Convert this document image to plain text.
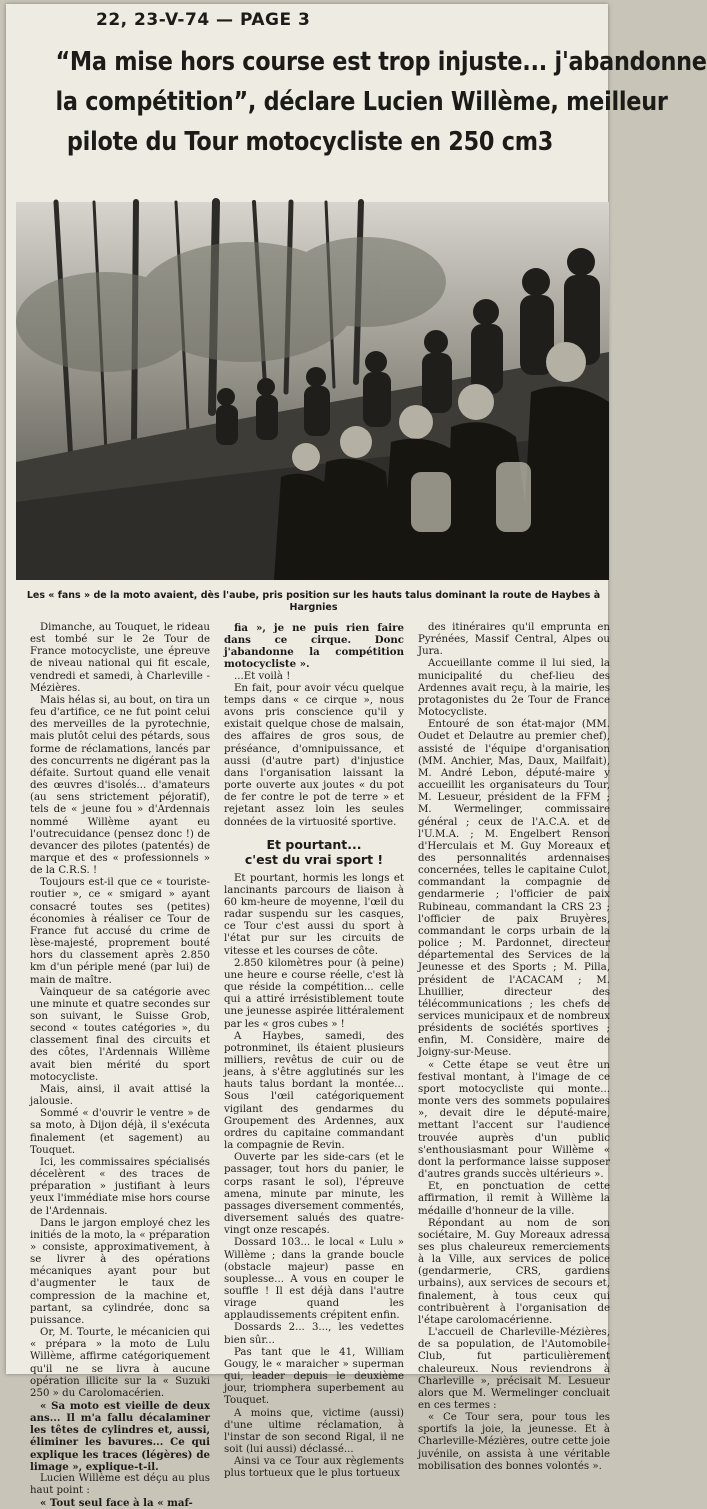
22, 23-V-74 — PAGE 3
“Ma mise hors course est trop injuste... j'abandonne
la compétition”, déclare Lucien Willème, meilleur
pilote du Tour motocycliste en 250 cm3
Les « fans » de la moto avaient, dès l'aube, pris position sur les hauts talus dominant la route de Haybes à Hargnies

Dimanche, au Touquet, le rideau est tombé sur le 2e Tour de France motocycliste, une épreuve de niveau national qui fit escale, vendredi et samedi, à Charleville - Mézières.

Mais hélas si, au bout, on tira un feu d'artifice, ce ne fut point celui des merveilles de la pyrotechnie, mais plutôt celui des pétards, sous forme de réclamations, lancés par des concurrents ne digérant pas la défaite. Surtout quand elle venait des œuvres d'isolés... d'amateurs (au sens strictement péjoratif), tels de « jeune fou » d'Ardennais nommé Willème ayant eu l'outrecuidance (pensez donc !) de devancer des pilotes (patentés) de marque et des « professionnels » de la C.R.S. !

Toujours est-il que ce « touriste-routier », ce « smigard » ayant consacré toutes ses (petites) économies à réaliser ce Tour de France fut accusé du crime de lèse-majesté, proprement bouté hors du classement après 2.850 km d'un périple mené (par lui) de main de maître.

Vainqueur de sa catégorie avec une minute et quatre secondes sur son suivant, le Suisse Grob, second « toutes catégories », du classement final des circuits et des côtes, l'Ardennais Willème avait bien mérité du sport motocycliste.

Mais, ainsi, il avait attisé la jalousie.

Sommé « d'ouvrir le ventre » de sa moto, à Dijon déjà, il s'exécuta finalement (et sagement) au Touquet.

Ici, les commissaires spécialisés décelèrent « des traces de préparation » justifiant à leurs yeux l'immédiate mise hors course de l'Ardennais.

Dans le jargon employé chez les initiés de la moto, la « préparation » consiste, approximativement, à se livrer à des opérations mécaniques ayant pour but d'augmenter le taux de compression de la machine et, partant, sa cylindrée, donc sa puissance.

Or, M. Tourte, le mécanicien qui « prépara » la moto de Lulu Willème, affirme catégoriquement qu'il ne se livra à aucune opération illicite sur la « Suzuki 250 » du Carolomacérien.

« Sa moto est vieille de deux ans... Il m'a fallu décalaminer les têtes de cylindres et, aussi, éliminer les bavures... Ce qui explique les traces (légères) de limage », explique-t-il.

Lucien Willème est déçu au plus haut point :

« Tout seul face à la « maf-

fia », je ne puis rien faire dans ce cirque. Donc j'abandonne la compétition motocycliste ».

...Et voilà !

En fait, pour avoir vécu quelque temps dans « ce cirque », nous avons pris conscience qu'il y existait quelque chose de malsain, des affaires de gros sous, de préséance, d'omnipuissance, et aussi (d'autre part) d'injustice dans l'organisation laissant la porte ouverte aux joutes « du pot de fer contre le pot de terre » et rejetant assez loin les seules données de la virtuosité sportive.

Et pourtant...
c'est du vrai sport !

Et pourtant, hormis les longs et lancinants parcours de liaison à 60 km-heure de moyenne, l'œil du radar suspendu sur les casques, ce Tour c'est aussi du sport à l'état pur sur les circuits de vitesse et les courses de côte.

2.850 kilomètres pour (à peine) une heure e course réelle, c'est là que réside la compétition... celle qui a attiré irrésistiblement toute une jeunesse aspirée littéralement par les « gros cubes » !

A Haybes, samedi, des potronminet, ils étaient plusieurs milliers, revêtus de cuir ou de jeans, à s'être agglutinés sur les hauts talus bordant la montée... Sous l'œil catégoriquement vigilant des gendarmes du Groupement des Ardennes, aux ordres du capitaine commandant la compagnie de Revin.

Ouverte par les side-cars (et le passager, tout hors du panier, le corps rasant le sol), l'épreuve amena, minute par minute, les passages diversement commentés, diversement salués des quatre-vingt onze rescapés.

Dossard 103... le local « Lulu » Willème ; dans la grande boucle (obstacle majeur) passe en souplesse... A vous en couper le souffle ! Il est déjà dans l'autre virage quand les applaudissements crépitent enfin.

Dossards 2... 3..., les vedettes bien sûr...

Pas tant que le 41, William Gougy, le « maraicher » superman qui, leader depuis le deuxième jour, triomphera superbement au Touquet.

A moins que, victime (aussi) d'une ultime réclamation, à l'instar de son second Rigal, il ne soit (lui aussi) déclassé...

Ainsi va ce Tour aux règlements plus tortueux que le plus tortueux

des itinéraires qu'il emprunta en Pyrénées, Massif Central, Alpes ou Jura.

Accueillante comme il lui sied, la municipalité du chef-lieu des Ardennes avait reçu, à la mairie, les protagonistes du 2e Tour de France Motocycliste.

Entouré de son état-major (MM. Oudet et Delautre au premier chef), assisté de l'équipe d'organisation (MM. Anchier, Mas, Daux, Mailfait), M. André Lebon, député-maire y accueillit les organisateurs du Tour, M. Lesueur, président de la FFM ; M. Wermelinger, commissaire général ; ceux de l'A.C.A. et de l'U.M.A. ; M. Engelbert Renson d'Herculais et M. Guy Moreaux et des personnalités ardennaises concernées, telles le capitaine Culot, commandant la compagnie de gendarmerie ; l'officier de paix Rubineau, commandant la CRS 23 ; l'officier de paix Bruyères, commandant le corps urbain de la police ; M. Pardonnet, directeur départemental des Services de la Jeunesse et des Sports ; M. Pilla, président de l'ACACAM ; M. Lhuillier, directeur des télécommunications ; les chefs de services municipaux et de nombreux présidents de sociétés sportives ; enfin, M. Considère, maire de Joigny-sur-Meuse.

« Cette étape se veut être un festival montant, à l'image de ce sport motocycliste qui monte... monte vers des sommets populaires », devait dire le député-maire, mettant l'accent sur l'audience trouvée auprès d'un public s'enthousiasmant pour Willème « dont la performance laisse supposer d'autres grands succès ultérieurs ».

Et, en ponctuation de cette affirmation, il remit à Willème la médaille d'honneur de la ville.

Répondant au nom de son sociétaire, M. Guy Moreaux adressa ses plus chaleureux remerciements à la Ville, aux services de police (gendarmerie, CRS, gardiens urbains), aux services de secours et, finalement, à tous ceux qui contribuèrent à l'organisation de l'étape carolomacérienne.

L'accueil de Charleville-Mézières, de sa population, de l'Automobile-Club, fut particulièrement chaleureux. Nous reviendrons à Charleville », précisait M. Lesueur alors que M. Wermelinger concluait en ces termes :

« Ce Tour sera, pour tous les sportifs la joie, la jeunesse. Et à Charleville-Mézières, outre cette joie juvénile, on assista à une véritable mobilisation des bonnes volontés ».
